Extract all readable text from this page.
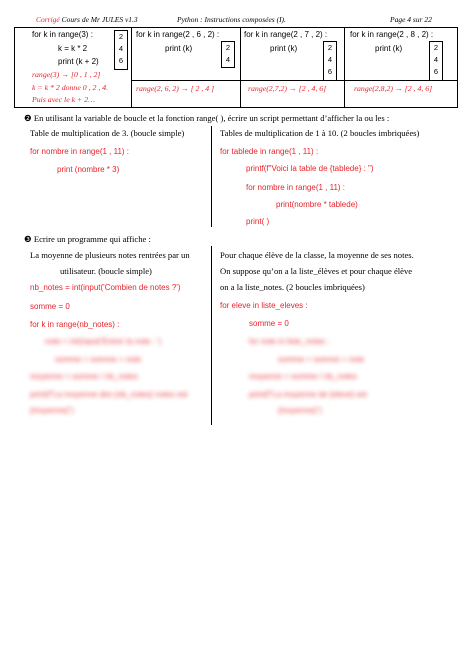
Corrigé Cours de Mr JULES v1.3	Python : Instructions composées (I).	Page 4 sur 22
for k in range(3) :
k = k * 2
print (k + 2)
2
4
6
range(3) → [0 , 1 , 2]
k = k * 2 donne 0 , 2 , 4.
Puis avec le k + 2…
for k in range(2 , 6 , 2) :
print (k)	2
4
range(2, 6, 2) → [ 2 , 4 ]
for k in range(2 , 7 , 2) :
print (k)	2
4
6
range(2,7,2) → [2 , 4, 6]
for k in range(2 , 8 , 2) :
print (k)	2
4
6
range(2,8,2) → [2 , 4, 6]
❷ En utilisant la variable de boucle et la fonction range( ), écrire un script permettant d’afficher la ou les :
Table de multiplication de 3. (boucle simple)	Tables de multiplication de 1 à 10. (2 boucles imbriquées)
for nombre in range(1 , 11) :
print (nombre * 3)
for tablede in range(1 , 11) :
printf(f"Voici la table de {tablede} : ")
for nombre in range(1 , 11) :
print(nombre * tablede)
print( )
❸ Ecrire un programme qui affiche :
La moyenne de plusieurs notes rentrées par un
utilisateur. (boucle simple)
nb_notes = int(input('Combien de notes ?')
somme = 0
for k in range(nb_notes) :
note = int(input('Entrer la note : ')
somme = somme + note
moyenne = somme / nb_notes
print(f"La moyenne des {nb_notes} notes est
{moyenne}")
Pour chaque élève de la classe, la moyenne de ses notes.
On suppose qu’on a la liste_élèves et pour chaque élève
on a la liste_notes. (2 boucles imbriquées)
for eleve in liste_eleves :
somme = 0
for note in liste_notes :
somme = somme + note
moyenne = somme / nb_notes
print(f"La moyenne de {eleve} est
{moyenne}")
